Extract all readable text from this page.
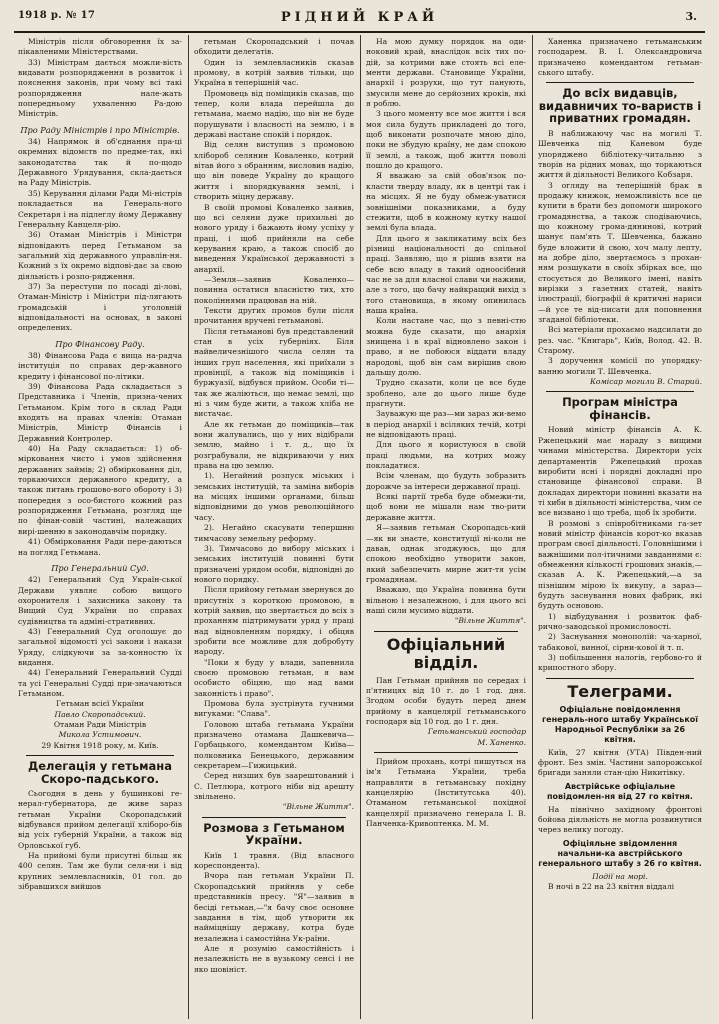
1918 р. № 17	РІДНИЙ КРАЙ	3.

Міністрів після обговорення їх за-пікавленими Міністерствами.

33) Міністрам дається можли-вість видавати розпорядження в розвиток і пояснення законів, при чому всі такі розпорядження нале-жать попередньому ухваленню Ра-дою Міністрів.

Про Раду Міністрів і про Міністрів.

34) Напрямок й об'єднання пра-ці окремних відомств по предме-тах, які законодатства так й по-щодо Державного Урядування, скла-дається на Раду Міністрів.

35) Керування ділами Ради Мі-ністрів покладається на Генераль-ного Секретаря і на підлеглу йому Державну Генеральну Канцеля-рію.

36) Отаман Міністрів і Міністри відповідають перед Гетьманом за загальний хід державного управлін-ня. Кожний з їх окремо відпові-дає за свою діяльність і розпо-рядження.

37) За переступи по посаді ді-лові, Отаман-Міністр і Міністри під-лягають громадській і уголовній відповідальності на основах, в законі определених.

Про Фінансову Раду.

38) Фінансова Рада є вища на-радча інституція по справах дер-жавного кредиту і фінансової по-літики.

39) Фінансова Рада складається з Представника і Членів, призна-чених Гетьманом. Крім того в склад Ради входять на правах членів: Отаман Міністрів, Міністр Фінансів і Державний Контролер.

40) На Раду складається: 1) об-мірковання чисто і умов здійснення державних займів; 2) обмірковання діл, торкаючихся державного кредиту, а також питань грошово-вого обороту і 3) попередня з осо-бистого кожний раз розпорядження Гетьмана, розгляд ще по фінан-совій частині, належащих вирі-шенню в законодавчім порядку.

41) Обмірковання Ради пере-даються на погляд Гетьмана.

Про Генеральний Суд.

42) Генеральний Суд Україн-ської Держави уявляє собою вищого охоронителя і захисника закону та Вищий Суд України по справах судівництва та адміні-стративних.

43) Генеральний Суд оголошує до загальної відомості усі закони і накази Уряду, слідкуючи за за-конностю їх видання.

44) Генеральний Генеральний Судді та усі Генеральні Судді при-значаються Гетьманом.

Гетьман всієї України
Павло Скоропадський.
Отаман Ради Міністрів
Микола Устимович.
29 Квітня 1918 року, м. Київ.
Делегація у гетьмана Скоро-падського.

Сьогодня в день у бушинкові ге-нерал-губернатора, де живе зараз гетьман України Скоропадський відбувався прийом делегації хліборо-бів від усіх губерній України, а також від Орловської губ.

На прийомі були присутні більш як 400 селян. Там же були селя-ни і від крупних землевласників, 01 гол. до зібравшихся вийшов

гетьман Скоропадський і почав обходити делегатів.

Один із землевласників сказав промову, в котрій заявив тільки, що Україна в теперішній час.

Промовець від поміщиків сказав, що тепер, коли влада перейшла до гетьмана, маємо надію, що він не буде порушувати і власності на землю, і в державі настане спокій і порядок.

Від селян виступив з промовою хлібороб селянин Коваленко, котрий вітав його з обранням, висловив надію, що він поведе Україну до кращого життя і впорядкування землі, і створить міцну державу.

В своїй промові Коваленко заявив, що всі селяни дуже прихильні до нового уряду і бажають йому успіху у праці, і щоб прийняли на себе керування краю, а також спосіб до виведення Української державності з анархії.

—Земля—заявив Коваленко—повинна остатися власністю тих, хто поколіннями працював на ній.

Тексти других промов були після прочитання вручені гетьманові.

Після гетьманові був представлений стан в усіх губерніях. Біля найвеличезнішого числа селян та інших груп населення, які приїхали з провінції, а також від поміщиків і буржуазії, відбувся прийом. Особи ті—так же жаліються, що немає землі, що ні з чим буде жити, а також хліба не вистачає.

Але як гетьман до поміщиків—так вони жалувались, що у них відібрали землю, майно і т. д., що їх розграбували, не відкриваючи у них права на цю землю.

1). Негайний розпуск міських і земських інституцій, та заміна виборів на місцях іншими органами, більш відповідними до умов революційного часу.

2). Негайно скасувати тепершню тимчасову земельну реформу.

3). Тимчасово до вибору міських і земських інституцій повинні бути призначені урядом особи, відповідні до нового порядку.

Після прийому гетьман звернувся до присутніх з короткою промовою, в котрій заявив, що звертається до всіх з проханням підтримувати уряд у праці над відновленням порядку, і обіцяв зробити все можливе для добробуту народу.

"Поки я буду у влади, запевнила своєю промовою гетьман, я вам особисто обіцяю, що над вами законність і право".

Промова була зустрінута гучними вигуками: "Слава".

Головою штаба гетьмана України призначено отамана Дашкевича—Горбацького, комендантом Київа—полковника Бенецького, державним секретарем—Гижицький.

Серед низших був заарештований і С. Петлюра, котрого ніби від арешту звільнено.

"Вільне Життя".
Розмова з Гетьманом України.

Київ 1 травня. (Від власного кореспондента).

Вчора пан гетьман України П. Скоропадський прийняв у себе представників пресу. "Я"—заявив в бесіді гетьман,—"я бачу своє основне завдання в тім, щоб утворити як найміцнішу державу, котра буде незалежна і самостійна Ук-раїни.

Але я розумію самостійність і незалежність не в вузькому сенсі і не яко шовініст.

На мою думку порядок на оди-ноковий край, внаслідок всіх тих по-дій, за котрими вже стоять всі еле-менти держави. Становище України, анархії і розрухи, що тут панують, змусили мене до серйозних кроків, які я роблю.

З цього моменту все моє життя і вся моя сила будуть прикладені до того, щоб виконати розпочате мною діло, поки не збудую країну, не дам спокою її землі, а також, щоб життя поволі пошло до кращого.

Я вважаю за свій обов'язок по-класти тверду владу, як в центрі так і на місцях. Я не буду обмеж-уватися зовнішніми показниками, а буду стежити, щоб в кожному кутку нашої землі була влада.

Для цього я закликатиму всіх без різниці національності до спільної праці. Заявляю, що я рішив взяти на себе всю владу в такий одноосібний час не за для власної слави чи наживи, але з того, що бачу найкращий вихід з того становища, в якому опинилась наша країна.

Коли настане час, що з певні-стю можна буде сказати, що анархія знищена і в краї відновлено закон і право, я не побоюся віддати владу народові, щоб він сам вирішив свою дальшу долю.

Трудно сказати, коли це все буде зроблено, але до цього лише буде прагнути.

Зауважую ще раз—ми зараз жи-вемо в період анархії і всіляких течій, котрі не відповідають праці.

Для цього я користуюся в своїй праці людьми, на котрих можу покладатися.

Всім членам, що будуть зобразить дорожче за інтереси державної праці.

Всякі партії треба буде обмежи-ти, щоб вони не мішали нам тво-рити державне життя.

Я—заявив гетьман Скоропадсь-кий—як ви знаєте, конституції ні-коли не давав, однак згоджуюсь, що для спокою необхідно утворити закон, який забезпечить мирне жит-тя усім громадянам.

Вважаю, що Україна повинна бути вільною і незалежною, і для цього всі наші сили мусимо віддати.

"Вільне Життя".
Офіціальний відділ.

Пан Гетьман прийняв по середах і п'ятницях від 10 г. до 1 год. дня. Згодом особи будуть перед днем прийому в канцелярії гетьманського господаря від 10 год. до 1 г. дня.

Гетьманський господар
М. Ханенко.

Прийом прохань, котрі пишуться на ім'я Гетьмана України, треба направляти в гетьманську похідну канцелярію (Інститутська 40). Отаманом гетьманської похідної канцелярії призначено генерала І. В. Панченка-Кривоптенка. М. М.

Ханенка призначено гетьманським господарем. В. І. Олександровича призначено комендантом гетьман-ського штабу.

До всіх видавців, видавничих то-вариств і приватних громадян.

В наближаючу час на могилі Т. Шевченка під Каневом буде упоряджено бібліотеку-читальню з творів на рідних мовах, що торкаються життя й діяльності Великого Кобзаря.

З огляду на теперішній брак в продажу книжок, неможливість все це купити в брати без допомоги широкого громадянства, а також сподіваючись, що кожному грома-дянинові, котрий шанує пам'ять Т. Шевченка, бажано буде вложити й свою, хоч малу лепту, на добре діло, звертаємось з прохан-ням розшукати в своїх збірках все, що стосується до Великого імені, навіть вирізки з газетних статей, навіть ілюстрації, біографії й критичні нариси—й усе те від-писати для поповнення згаданої бібліотеки.

Всі матеріали прохаємо надсилати до рез. час. "Книгарь", Київ, Волод. 42. В. Старому.

З доручення комісії по упорядку-ванню могили Т. Шевченка.

Комісар могили В. Старий.
Програм міністра фінансів.

Новий міністр фінансів А. К. Ржепецький має нараду з вищими чинами міністерства. Директори усіх департаментів Ржепецький прохав виробити ясні і порядні докладні про становище фінансової справи. В докладах директори повинні вказати на ті хиби в діяльності міністерства, чим се все визвано і що треба, щоб їх зробити.

В розмові з співробітниками га-зет новий міністр фінансів корот-ко вказав програм своєї діяльності. Головнішими і важнішими пол-ітичними завданнями є: обмеження кількості грошових знаків,—сказав А. К. Ржепецький,—а за пізнішим мірою їх викупу, а зараз—будуть заснування нових фабрик, які будуть основою.

1) відбудування і розвиток фаб-рично-заводської промисловості.

2) Заснування монополій: ча-харної, табакової, винної, сірни-кової й т. п.

3) побільшення налогів, гербово-го й крипостного збору.

Телеграми.
Офіціальне повідомлення генераль-ного штабу Української Народньої Республіки за 26 квітня.

Київ, 27 квітня (УТА) Півден-ний фронт. Без змін. Частини запорожської бригади заняли стан-цію Никитівку.

Австрійське офіціальне повідомлен-ня від 27 го квітня.

На північно західному фронтові бойова діяльність не могла розвинутися через велику погоду.

Офіціяльне звідомлення начальни-ка австрійського генерального штабу з 26 го квітня.
Події на морі.

В ночі в 22 на 23 квітня віддалі
